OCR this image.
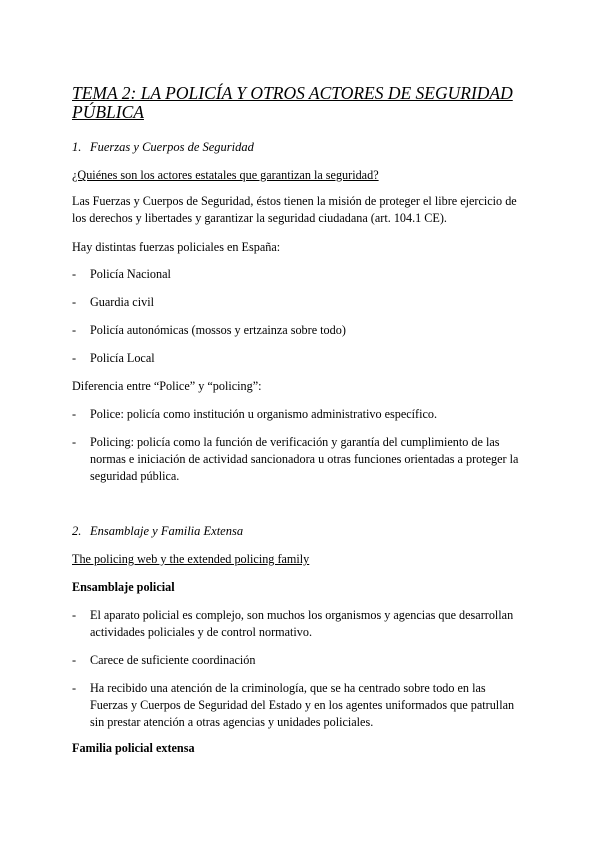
TEMA 2: LA POLICÍA Y OTROS ACTORES DE SEGURIDAD PÚBLICA

1. Fuerzas y Cuerpos de Seguridad

¿Quiénes son los actores estatales que garantizan la seguridad?

Las Fuerzas y Cuerpos de Seguridad, éstos tienen la misión de proteger el libre ejercicio de los derechos y libertades y garantizar la seguridad ciudadana (art. 104.1 CE).

Hay distintas fuerzas policiales en España:

- Policía Nacional
- Guardia civil
- Policía autonómicas (mossos y ertzainza sobre todo)
- Policía Local

Diferencia entre “Police” y “policing”:

- Police: policía como institución u organismo administrativo específico.
- Policing: policía como la función de verificación y garantía del cumplimiento de las normas e iniciación de actividad sancionadora u otras funciones orientadas a proteger la seguridad pública.

2. Ensamblaje y Familia Extensa

The policing web y the extended policing family

Ensamblaje policial

- El aparato policial es complejo, son muchos los organismos y agencias que desarrollan actividades policiales y de control normativo.
- Carece de suficiente coordinación
- Ha recibido una atención de la criminología, que se ha centrado sobre todo en las Fuerzas y Cuerpos de Seguridad del Estado y en los agentes uniformados que patrullan sin prestar atención a otras agencias y unidades policiales.

Familia policial extensa
